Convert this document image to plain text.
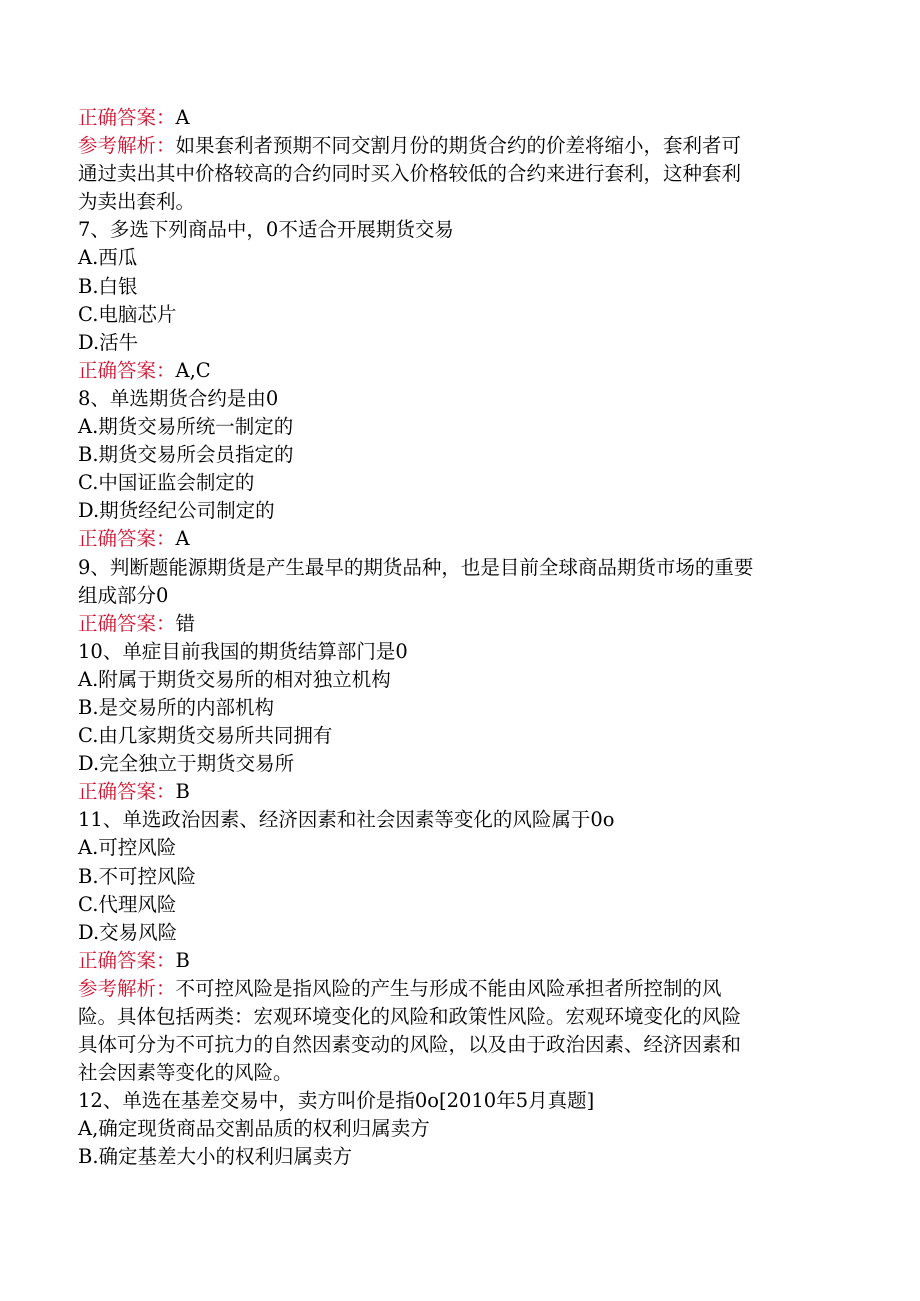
正确答案：A
参考解析：如果套利者预期不同交割月份的期货合约的价差将缩小，套利者可
通过卖出其中价格较高的合约同时买入价格较低的合约来进行套利，这种套利
为卖出套利。
7、多选下列商品中，0不适合开展期货交易
A.西瓜
B.白银
C.电脑芯片
D.活牛
正确答案：A,C
8、单选期货合约是由0
A.期货交易所统一制定的
B.期货交易所会员指定的
C.中国证监会制定的
D.期货经纪公司制定的
正确答案：A
9、判断题能源期货是产生最早的期货品种，也是目前全球商品期货市场的重要
组成部分0
正确答案：错
10、单症目前我国的期货结算部门是0
A.附属于期货交易所的相对独立机构
B.是交易所的内部机构
C.由几家期货交易所共同拥有
D.完全独立于期货交易所
正确答案：B
11、单选政治因素、经济因素和社会因素等变化的风险属于0o
A.可控风险
B.不可控风险
C.代理风险
D.交易风险
正确答案：B
参考解析：不可控风险是指风险的产生与形成不能由风险承担者所控制的风
险。具体包括两类：宏观环境变化的风险和政策性风险。宏观环境变化的风险
具体可分为不可抗力的自然因素变动的风险，以及由于政治因素、经济因素和
社会因素等变化的风险。
12、单选在基差交易中，卖方叫价是指0o[2010年5月真题]
A,确定现货商品交割品质的权利归属卖方
B.确定基差大小的权利归属卖方
